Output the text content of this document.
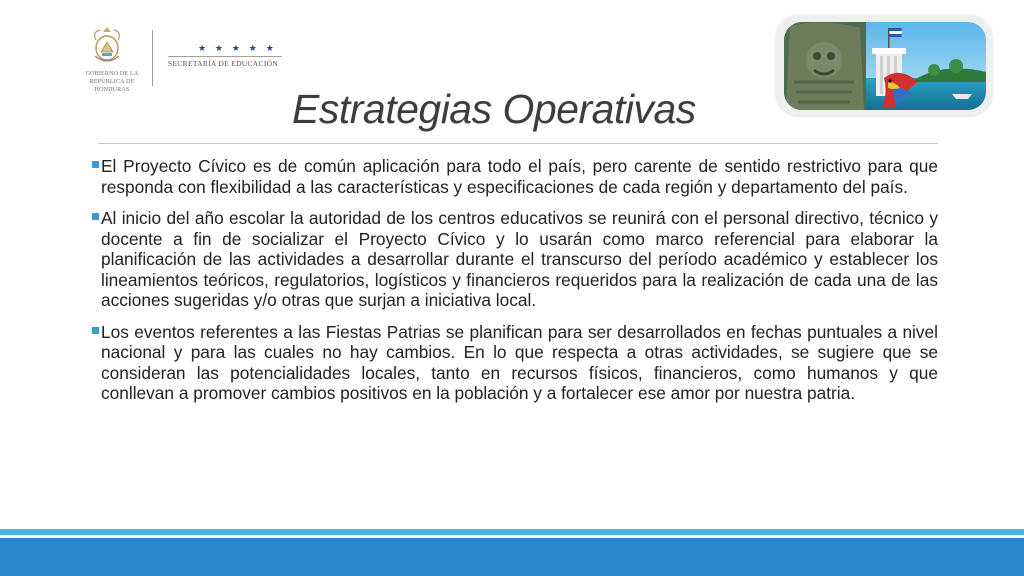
GOBIERNO DE LA
REPÚBLICA DE HONDURAS
★ ★ ★ ★ ★
SECRETARÍA DE EDUCACIÓN
Estrategias Operativas
El Proyecto Cívico es de común aplicación para todo el país, pero carente de sentido restrictivo para que responda con flexibilidad a las características y especificaciones de cada región y departamento del país.
Al inicio del año escolar la autoridad de los centros educativos se reunirá con el personal directivo, técnico y docente a fin de socializar el Proyecto Cívico y lo usarán como marco referencial para elaborar la planificación de las actividades a desarrollar durante el transcurso del período académico y establecer los lineamientos teóricos, regulatorios, logísticos y financieros requeridos para la realización de cada una de las acciones sugeridas y/o otras que surjan a iniciativa local.
Los eventos referentes a las Fiestas Patrias se planifican para ser desarrollados en fechas puntuales a nivel nacional y para las cuales no hay cambios. En lo que respecta a otras actividades, se sugiere que se consideran las potencialidades locales, tanto en recursos físicos, financieros, como humanos y que conllevan a promover cambios positivos en la población y a fortalecer ese amor por nuestra patria.
